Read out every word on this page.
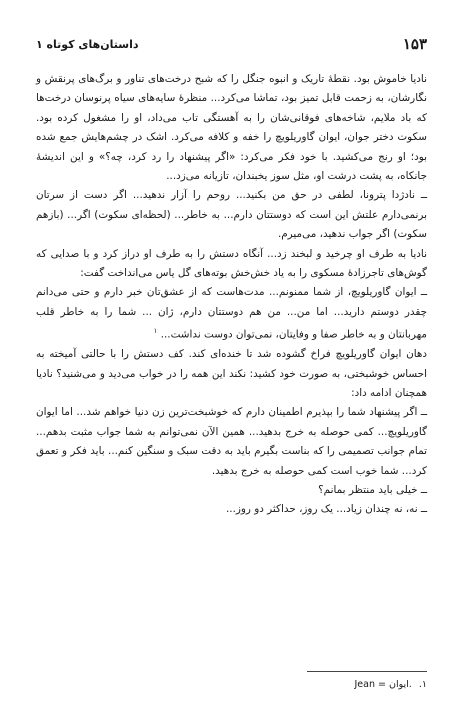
۱۵۳
داستان‌های کوتاه ۱
نادیا خاموش بود. نقطهٔ تاریک و انبوه جنگل را که شبح درخت‌های تناور و برگ‌های پرنقش و نگارشان، به زحمت قابل تمیز بود، تماشا می‌کرد... منظرهٔ سایه‌های سیاه پرنوسان درخت‌ها که باد ملایم، شاخه‌های فوقانی‌شان را به آهستگی تاب می‌داد، او را مشغول کرده بود. سکوت دختر جوان، ایوان گاوریلویچ را خفه و کلافه می‌کرد. اشک در چشم‌هایش جمع شده بود؛ او رنج می‌کشید. با خود فکر می‌کرد: «اگر پیشنهاد را رد کرد، چه؟» و این اندیشهٔ جانکاه، به پشت درشت او، مثل سوز یخبندان، تازیانه می‌زد...
ــ نادژدا پترونا، لطفی در حق من بکنید... روحم را آزار ندهید... اگر دست از سرتان برنمی‌دارم علتش این است که دوستتان دارم... به خاطر... (لحظه‌ای سکوت) اگر... (بازهم سکوت) اگر جواب ندهید، می‌میرم.
نادیا به طرف او چرخید و لبخند زد... آنگاه دستش را به طرف او دراز کرد و با صدایی که گوش‌های تاجرزادهٔ مسکوی را به یاد خش‌خش بوته‌های گل یاس می‌انداخت گفت:
ــ ایوان گاوریلویچ، از شما ممنونم... مدت‌هاست که از عشق‌تان خبر دارم و حتی می‌دانم چقدر دوستم دارید... اما من... من هم دوستتان دارم، ژان ... شما را به خاطر قلب مهربانتان و به خاطر صفا و وفایتان، نمی‌توان دوست نداشت... $^۱$
دهان ایوان گاوریلویچ فراخ گشوده شد تا خنده‌ای کند. کف دستش را با حالتی آمیخته به احساس خوشبختی، به صورت خود کشید: نکند این همه را در خواب می‌دید و می‌شنید؟ نادیا همچنان ادامه داد:
ــ اگر پیشنهاد شما را بپذیرم اطمینان دارم که خوشبخت‌ترین زن دنیا خواهم شد... اما ایوان گاوریلویچ... کمی حوصله به خرج بدهید... همین الآن نمی‌توانم به شما جواب مثبت بدهم... تمام جوانب تصمیمی را که بناست بگیرم باید به دقت سبک و سنگین کنم... باید فکر و تعمق کرد... شما خوب است کمی حوصله به خرج بدهید.
ــ خیلی باید منتظر بمانم؟
ــ نه، نه چندان زیاد... یک روز، حداکثر دو روز...
۱. Jean = ایوان.
